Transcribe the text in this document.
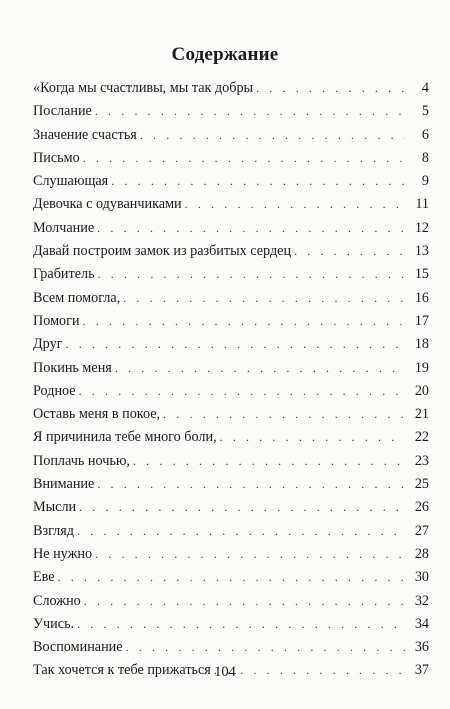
Содержание
«Когда мы счастливы, мы так добры . . .	4
Послание . . .	5
Значение счастья . . .	6
Письмо . . .	8
Слушающая . . .	9
Девочка с одуванчиками . . .	11
Молчание . . .	12
Давай построим замок из разбитых сердец . . .	13
Грабитель . . .	15
Всем помогла, . . .	16
Помоги . . .	17
Друг . . .	18
Покинь меня . . .	19
Родное . . .	20
Оставь меня в покое, . . .	21
Я причинила тебе много боли, . . .	22
Поплачь ночью, . . .	23
Внимание . . .	25
Мысли . . .	26
Взгляд . . .	27
Не нужно . . .	28
Еве . . .	30
Сложно . . .	32
Учись. . . .	34
Воспоминание . . .	36
Так хочется к тебе прижаться . . .	37
104
